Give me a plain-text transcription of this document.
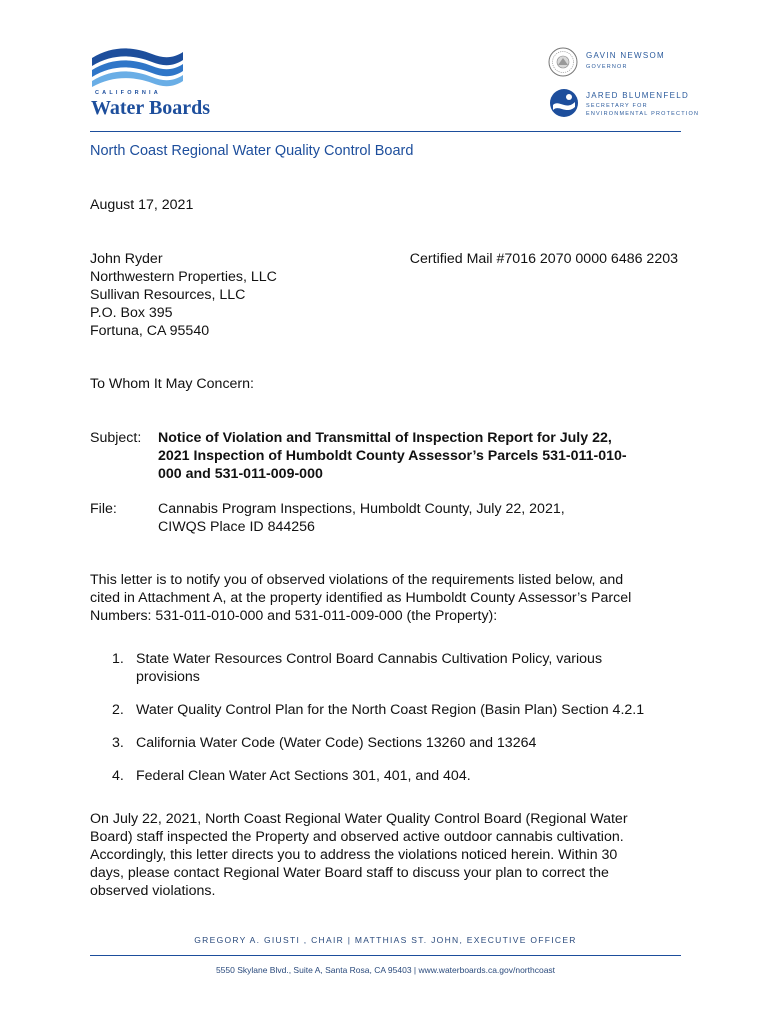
CALIFORNIA
Water Boards
GAVIN NEWSOM
GOVERNOR
JARED BLUMENFELD
SECRETARY FOR
ENVIRONMENTAL PROTECTION
North Coast Regional Water Quality Control Board
August 17, 2021
John Ryder
Northwestern Properties, LLC
Sullivan Resources, LLC
P.O. Box 395
Fortuna, CA 95540
Certified Mail #7016 2070 0000 6486 2203
To Whom It May Concern:
Subject: Notice of Violation and Transmittal of Inspection Report for July 22,
2021 Inspection of Humboldt County Assessor’s Parcels 531-011-010-
000 and 531-011-009-000
File:	Cannabis Program Inspections, Humboldt County, July 22, 2021,
CIWQS Place ID 844256
This letter is to notify you of observed violations of the requirements listed below, and
cited in Attachment A, at the property identified as Humboldt County Assessor’s Parcel
Numbers: 531-011-010-000 and 531-011-009-000 (the Property):
1. State Water Resources Control Board Cannabis Cultivation Policy, various
provisions
2. Water Quality Control Plan for the North Coast Region (Basin Plan) Section 4.2.1
3. California Water Code (Water Code) Sections 13260 and 13264
4. Federal Clean Water Act Sections 301, 401, and 404.
On July 22, 2021, North Coast Regional Water Quality Control Board (Regional Water
Board) staff inspected the Property and observed active outdoor cannabis cultivation.
Accordingly, this letter directs you to address the violations noticed herein. Within 30
days, please contact Regional Water Board staff to discuss your plan to correct the
observed violations.
GREGORY A. GIUSTI , CHAIR | MATTHIAS ST. JOHN, EXECUTIVE OFFICER
5550 Skylane Blvd., Suite A, Santa Rosa, CA 95403 | www.waterboards.ca.gov/northcoast
